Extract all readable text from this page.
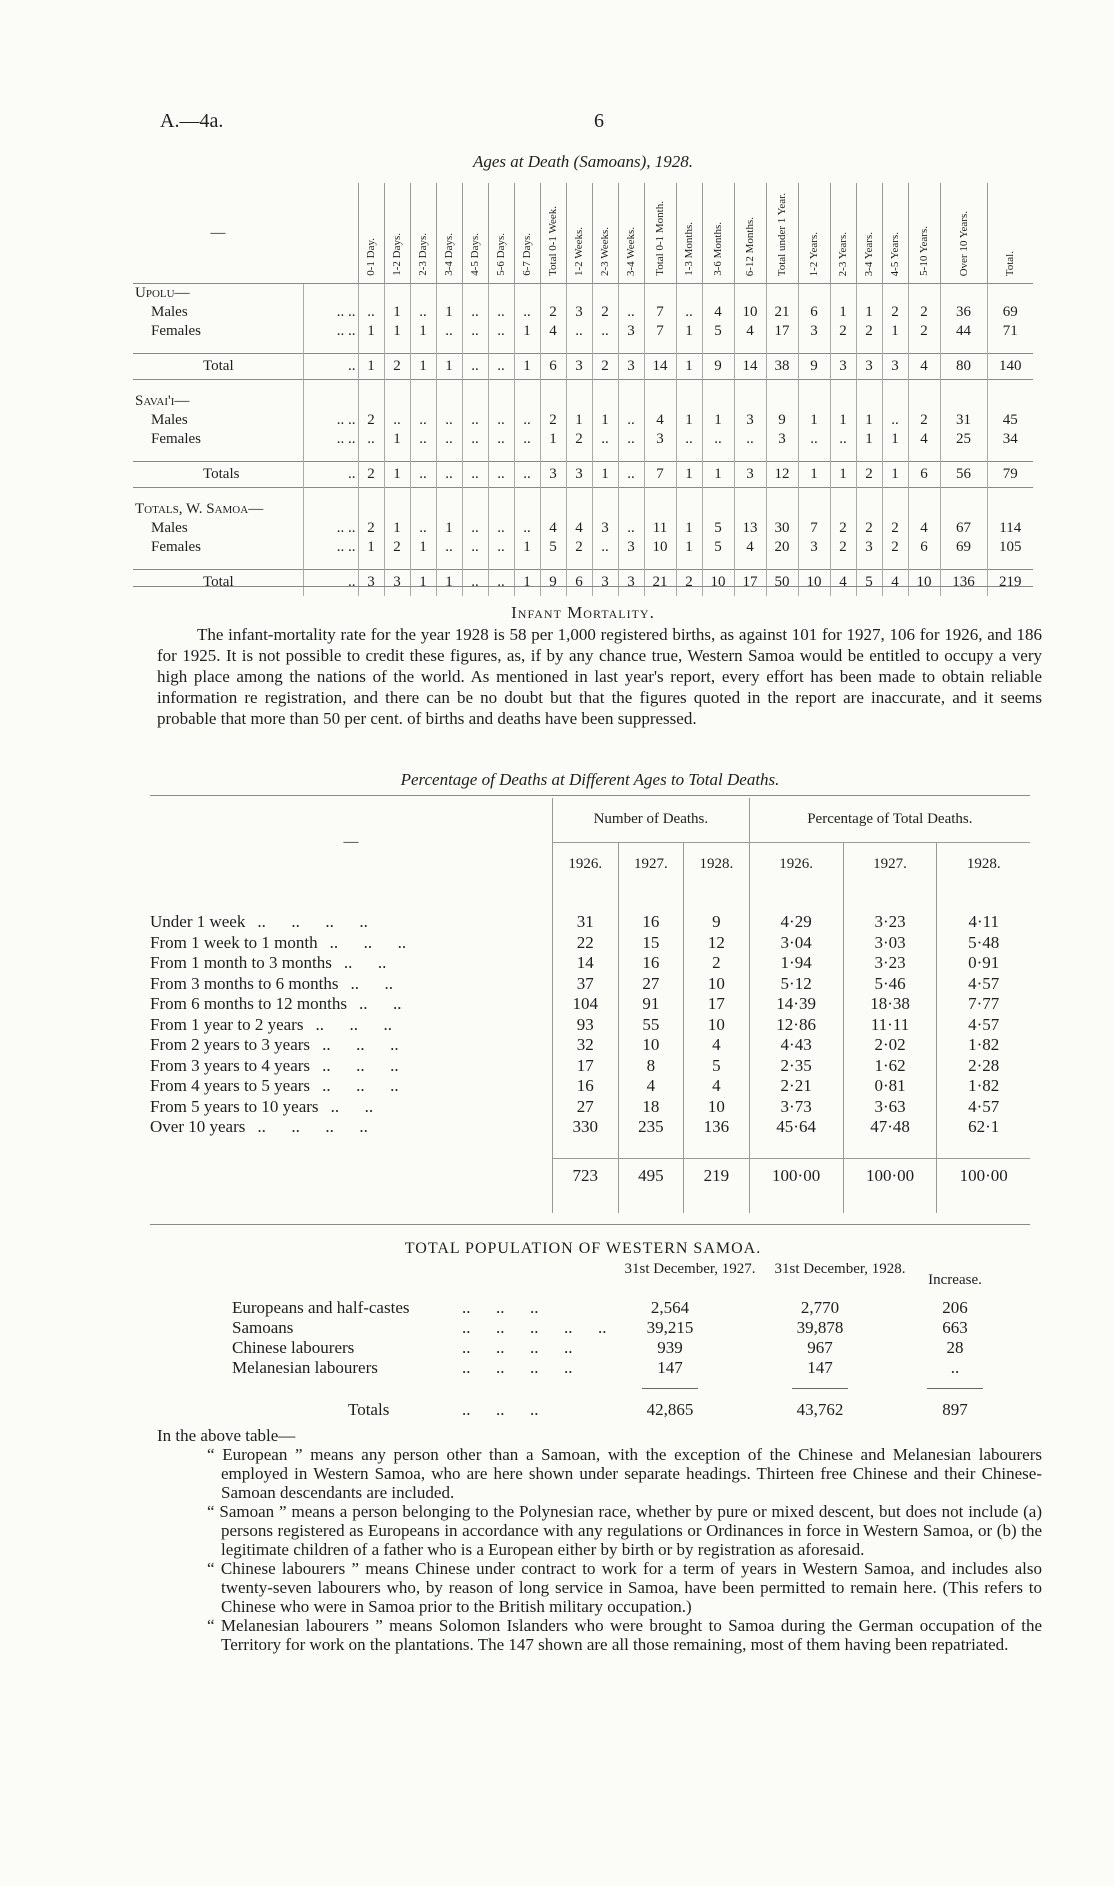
A.—4a.	6
Ages at Death (Samoans), 1928.
—		0-1 Day.	1-2 Days.	2-3 Days.	3-4 Days.	4-5 Days.	5-6 Days.	6-7 Days.	Total 0-1 Week.	1-2 Weeks.	2-3 Weeks.	3-4 Weeks.	Total 0-1 Month.	1-3 Months.	3-6 Months.	6-12 Months.	Total under 1 Year.	1-2 Years.	2-3 Years.	3-4 Years.	4-5 Years.	5-10 Years.	Over 10 Years.	Total.
Upolu—																								
Males	.. ..	..	1	..	1	..	..	..	2	3	2	..	7	..	4	10	21	6	1	1	2	2	36	69
Females	.. ..	1	1	1	..	..	..	1	4	..	..	3	7	1	5	4	17	3	2	2	1	2	44	71

Total	..	1	2	1	1	..	..	1	6	3	2	3	14	1	9	14	38	9	3	3	3	4	80	140

Savai'i—																								
Males	.. ..	2	..	..	..	..	..	..	2	1	1	..	4	1	1	3	9	1	1	1	..	2	31	45
Females	.. ..	..	1	..	..	..	..	..	1	2	..	..	3	..	..	..	3	..	..	1	1	4	25	34

Totals	..	2	1	..	..	..	..	..	3	3	1	..	7	1	1	3	12	1	1	2	1	6	56	79

Totals, W. Samoa—																								
Males	.. ..	2	1	..	1	..	..	..	4	4	3	..	11	1	5	13	30	7	2	2	2	4	67	114
Females	.. ..	1	2	1	..	..	..	1	5	2	..	3	10	1	5	4	20	3	2	3	2	6	69	105

Total	..	3	3	1	1	..	..	1	9	6	3	3	21	2	10	17	50	10	4	5	4	10	136	219
Infant Mortality.
The infant-mortality rate for the year 1928 is 58 per 1,000 registered births, as against 101 for 1927, 106 for 1926, and 186 for 1925. It is not possible to credit these figures, as, if by any chance true, Western Samoa would be entitled to occupy a very high place among the nations of the world. As mentioned in last year's report, every effort has been made to obtain reliable information re registration, and there can be no doubt but that the figures quoted in the report are inaccurate, and it seems probable that more than 50 per cent. of births and deaths have been suppressed.
Percentage of Deaths at Different Ages to Total Deaths.
—	Number of Deaths.			Percentage of Total Deaths.		
	1926.	1927.	1928.	1926.	1927.	1928.

Under 1 week ..      ..      ..      ..	31	16	9	4·29	3·23	4·11
From 1 week to 1 month ..      ..      ..	22	15	12	3·04	3·03	5·48
From 1 month to 3 months ..      ..	14	16	2	1·94	3·23	0·91
From 3 months to 6 months ..      ..	37	27	10	5·12	5·46	4·57
From 6 months to 12 months ..      ..	104	91	17	14·39	18·38	7·77
From 1 year to 2 years ..      ..      ..	93	55	10	12·86	11·11	4·57
From 2 years to 3 years ..      ..      ..	32	10	4	4·43	2·02	1·82
From 3 years to 4 years ..      ..      ..	17	8	5	2·35	1·62	2·28
From 4 years to 5 years ..      ..      ..	16	4	4	2·21	0·81	1·82
From 5 years to 10 years ..      ..	27	18	10	3·73	3·63	4·57
Over 10 years ..      ..      ..      ..	330	235	136	45·64	47·48	62·1

	723	495	219	100·00	100·00	100·00

TOTAL POPULATION OF WESTERN SAMOA.
31st December, 1927. 31st December, 1928.
Increase.
Europeans and half-castes	..      ..      ..	2,564	2,770	206
Samoans	..      ..      ..      ..      ..	39,215	39,878	663
Chinese labourers	..      ..      ..      ..	939	967	28
Melanesian labourers	..      ..      ..      ..	147	147	..
Totals	..      ..      ..	42,865	43,762	897

In the above table—

“ European ” means any person other than a Samoan, with the exception of the Chinese and Melanesian labourers employed in Western Samoa, who are here shown under separate headings. Thirteen free Chinese and their Chinese-Samoan descendants are included.

“ Samoan ” means a person belonging to the Polynesian race, whether by pure or mixed descent, but does not include (a) persons registered as Europeans in accordance with any regulations or Ordinances in force in Western Samoa, or (b) the legitimate children of a father who is a European either by birth or by registration as aforesaid.

“ Chinese labourers ” means Chinese under contract to work for a term of years in Western Samoa, and includes also twenty-seven labourers who, by reason of long service in Samoa, have been permitted to remain here. (This refers to Chinese who were in Samoa prior to the British military occupation.)

“ Melanesian labourers ” means Solomon Islanders who were brought to Samoa during the German occupation of the Territory for work on the plantations. The 147 shown are all those remaining, most of them having been repatriated.
